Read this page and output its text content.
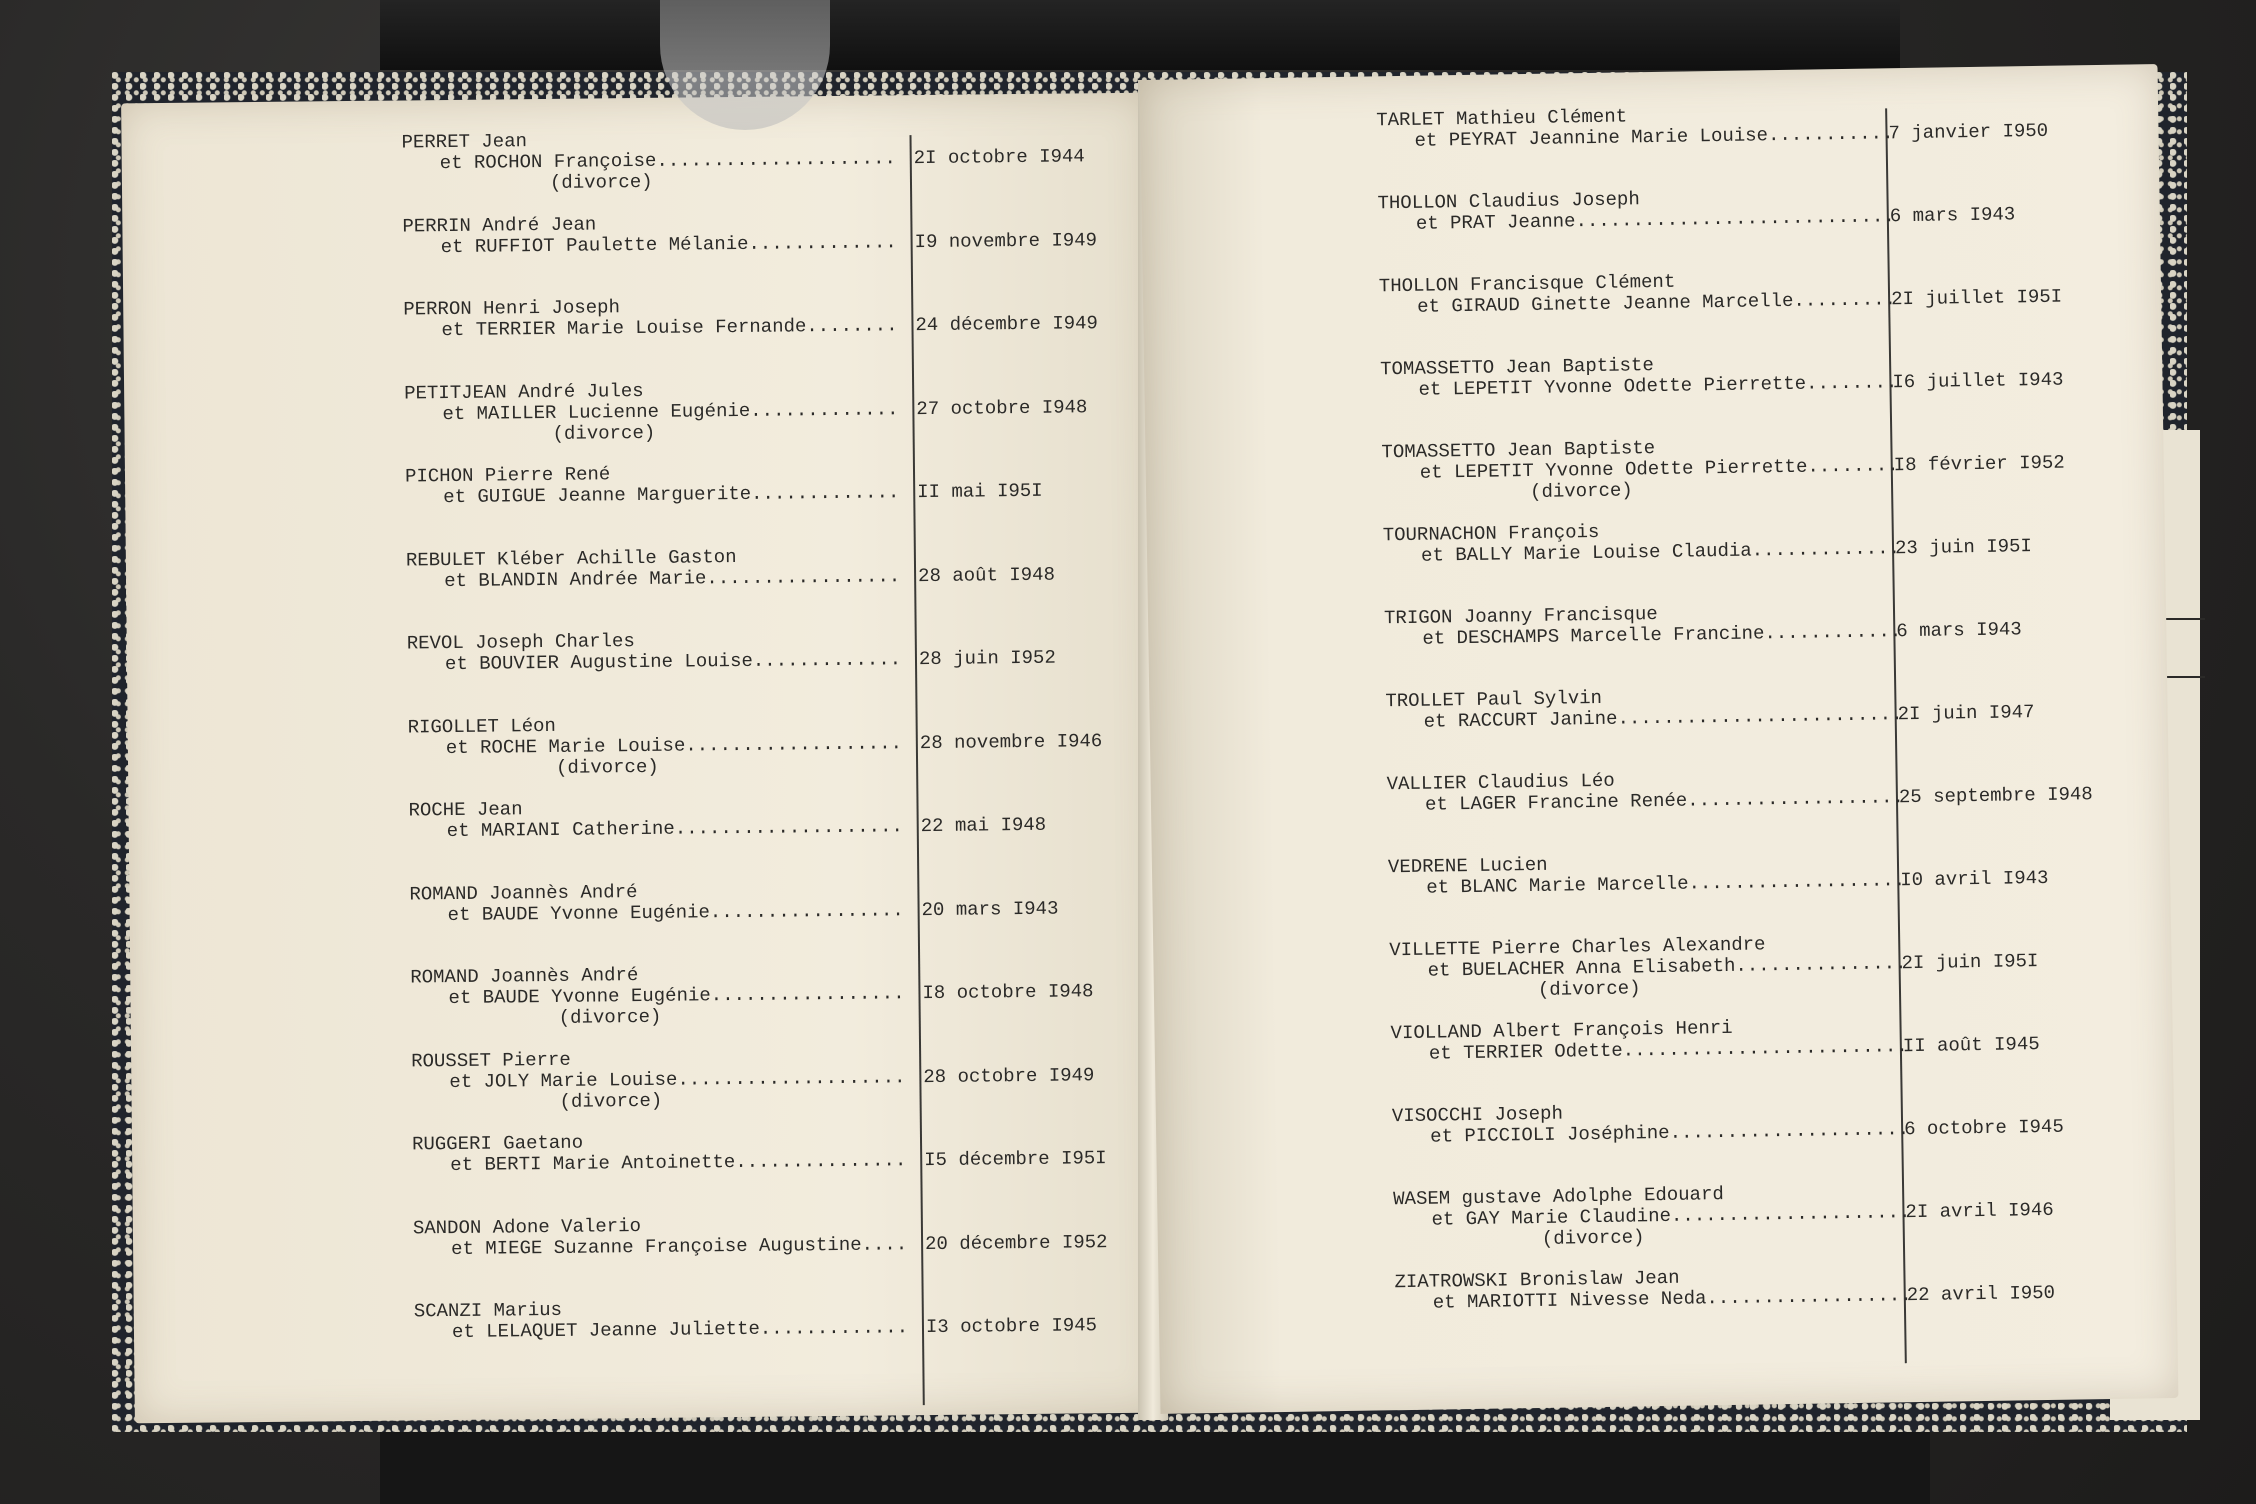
PERRET Jean
et ROCHON Françoise.....................
(divorce)
2I octobre I944
PERRIN André Jean
et RUFFIOT Paulette Mélanie............. I9 novembre I949
PERRON Henri Joseph
et TERRIER Marie Louise Fernande........ 24 décembre I949
PETITJEAN André Jules
et MAILLER Lucienne Eugénie.............
(divorce)
27 octobre I948
PICHON Pierre René
et GUIGUE Jeanne Marguerite............. II mai I95I
REBULET Kléber Achille Gaston
et BLANDIN Andrée Marie................. 28 août I948
REVOL Joseph Charles
et BOUVIER Augustine Louise............. 28 juin I952
RIGOLLET Léon
et ROCHE Marie Louise...................
(divorce)
28 novembre I946
ROCHE Jean
et MARIANI Catherine.................... 22 mai I948
ROMAND Joannès André
et BAUDE Yvonne Eugénie................. 20 mars I943
ROMAND Joannès André
et BAUDE Yvonne Eugénie.................
(divorce)
I8 octobre I948
ROUSSET Pierre
et JOLY Marie Louise....................
(divorce)
28 octobre I949
RUGGERI Gaetano
et BERTI Marie Antoinette............... I5 décembre I95I
SANDON Adone Valerio
et MIEGE Suzanne Françoise Augustine.... 20 décembre I952
SCANZI Marius
et LELAQUET Jeanne Juliette............. I3 octobre I945
TARLET Mathieu Clément
et PEYRAT Jeannine Marie Louise...........
7 janvier I950
THOLLON Claudius Joseph
et PRAT Jeanne............................
6 mars I943
THOLLON Francisque Clément
et GIRAUD Ginette Jeanne Marcelle.........
2I juillet I95I
TOMASSETTO Jean Baptiste
et LEPETIT Yvonne Odette Pierrette........
I6 juillet I943
TOMASSETTO Jean Baptiste
et LEPETIT Yvonne Odette Pierrette........
(divorce)
I8 février I952
TOURNACHON François
et BALLY Marie Louise Claudia.............
23 juin I95I
TRIGON Joanny Francisque
et DESCHAMPS Marcelle Francine............
6 mars I943
TROLLET Paul Sylvin
et RACCURT Janine.........................
2I juin I947
VALLIER Claudius Léo
et LAGER Francine Renée...................
25 septembre I948
VEDRENE Lucien
et BLANC Marie Marcelle...................
I0 avril I943
VILLETTE Pierre Charles Alexandre
et BUELACHER Anna Elisabeth...............
(divorce)
2I juin I95I
VIOLLAND Albert François Henri
et TERRIER Odette.........................
II août I945
VISOCCHI Joseph
et PICCIOLI Joséphine.....................
6 octobre I945
WASEM gustave Adolphe Edouard
et GAY Marie Claudine.....................
(divorce)
2I avril I946
ZIATROWSKI Bronislaw Jean
et MARIOTTI Nivesse Neda..................
22 avril I950
